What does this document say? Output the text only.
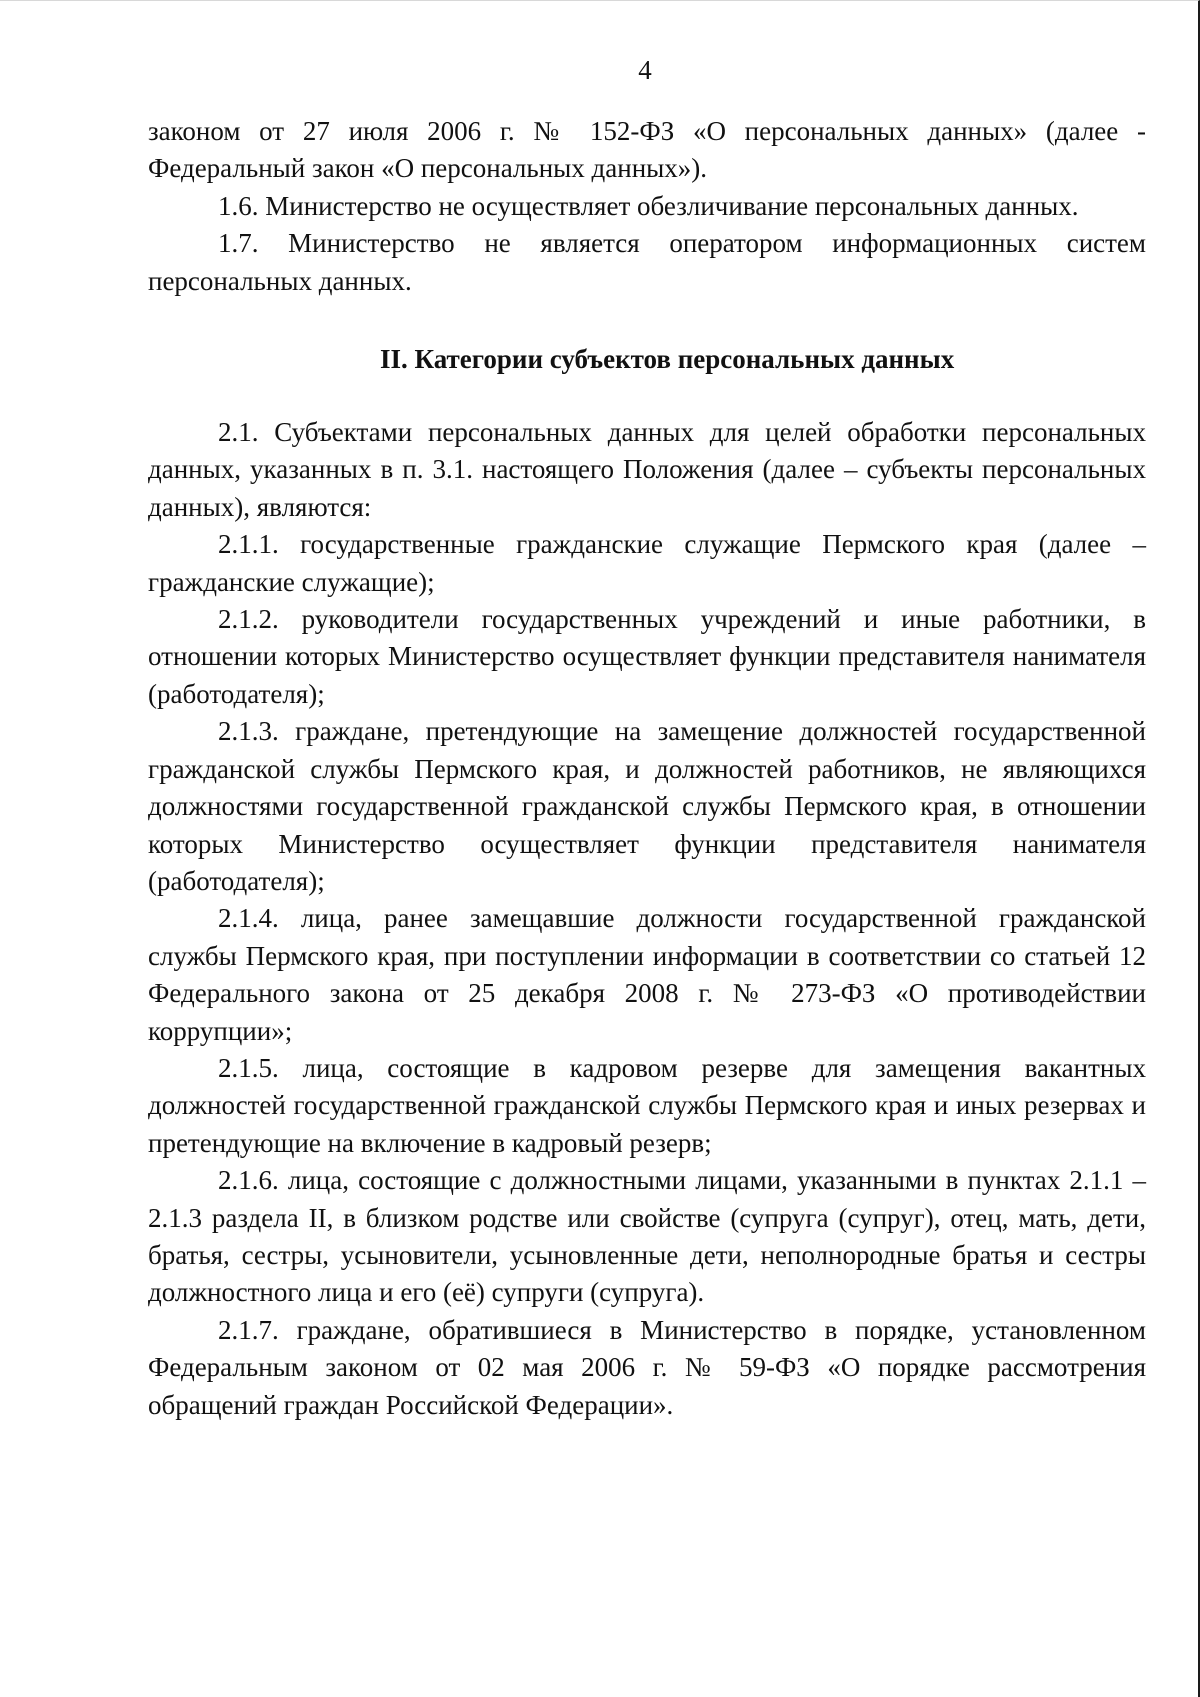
4

законом от 27 июля 2006 г. № 152-ФЗ «О персональных данных» (далее - Федеральный закон «О персональных данных»).

1.6. Министерство не осуществляет обезличивание персональных данных.

1.7. Министерство не является оператором информационных систем персональных данных.

II. Категории субъектов персональных данных

2.1. Субъектами персональных данных для целей обработки персональных данных, указанных в п. 3.1. настоящего Положения (далее – субъекты персональных данных), являются:

2.1.1. государственные гражданские служащие Пермского края (далее – гражданские служащие);

2.1.2. руководители государственных учреждений и иные работники, в отношении которых Министерство осуществляет функции представителя нанимателя (работодателя);

2.1.3. граждане, претендующие на замещение должностей государственной гражданской службы Пермского края, и должностей работников, не являющихся должностями государственной гражданской службы Пермского края, в отношении которых Министерство осуществляет функции представителя нанимателя (работодателя);

2.1.4. лица, ранее замещавшие должности государственной гражданской службы Пермского края, при поступлении информации в соответствии со статьей 12 Федерального закона от 25 декабря 2008 г. № 273-ФЗ «О противодействии коррупции»;

2.1.5. лица, состоящие в кадровом резерве для замещения вакантных должностей государственной гражданской службы Пермского края и иных резервах и претендующие на включение в кадровый резерв;

2.1.6. лица, состоящие с должностными лицами, указанными в пунктах 2.1.1 – 2.1.3 раздела II, в близком родстве или свойстве (супруга (супруг), отец, мать, дети, братья, сестры, усыновители, усыновленные дети, неполнородные братья и сестры должностного лица и его (её) супруги (супруга).

2.1.7. граждане, обратившиеся в Министерство в порядке, установленном Федеральным законом от 02 мая 2006 г. № 59-ФЗ «О порядке рассмотрения обращений граждан Российской Федерации».
